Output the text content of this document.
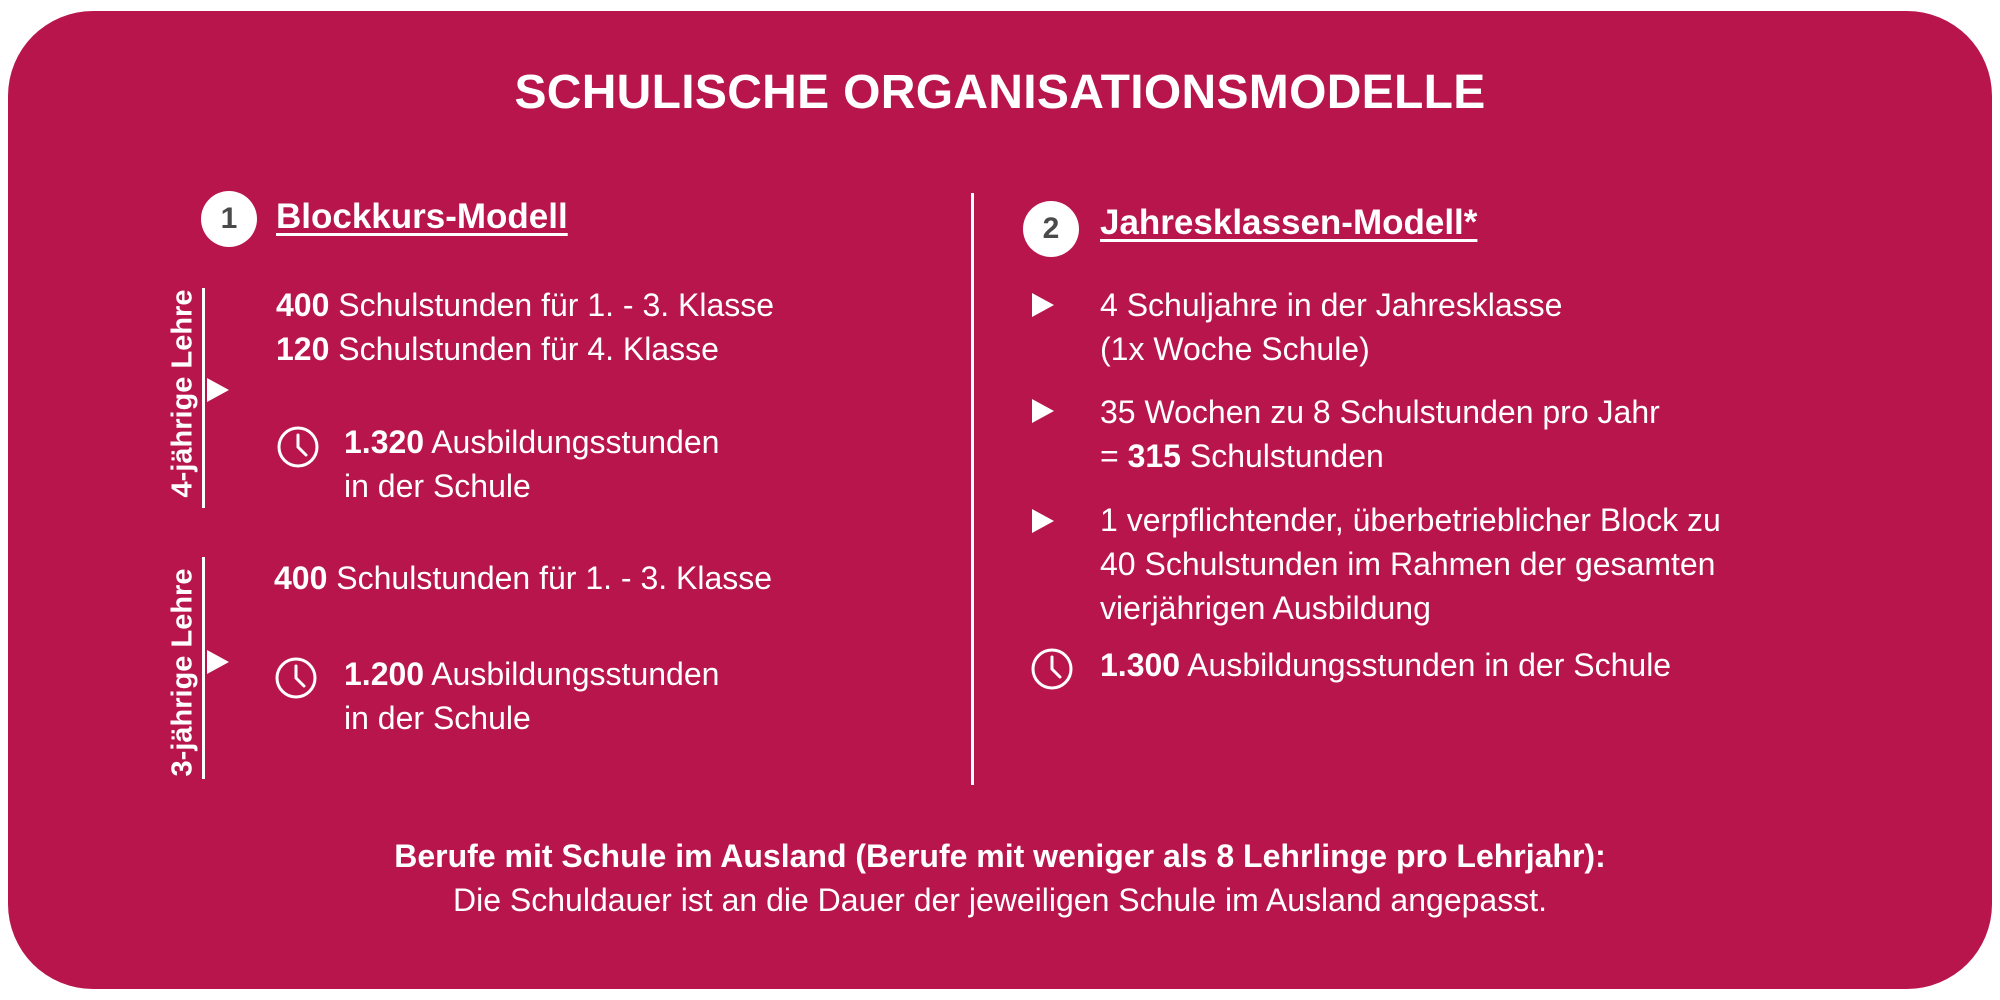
SCHULISCHE ORGANISATIONSMODELLE
1	Blockkurs-Modell
4-jährige Lehre 400 Schulstunden für 1. - 3. Klasse
120 Schulstunden für 4. Klasse
1.320 Ausbildungsstunden
in der Schule
3-jährige Lehre 400 Schulstunden für 1. - 3. Klasse
1.200 Ausbildungsstunden
in der Schule
2	Jahresklassen-Modell*
4 Schuljahre in der Jahresklasse
(1x Woche Schule)
35 Wochen zu 8 Schulstunden pro Jahr
= 315 Schulstunden
1 verpflichtender, überbetrieblicher Block zu
40 Schulstunden im Rahmen der gesamten
vierjährigen Ausbildung
1.300 Ausbildungsstunden in der Schule
Berufe mit Schule im Ausland (Berufe mit weniger als 8 Lehrlinge pro Lehrjahr):
Die Schuldauer ist an die Dauer der jeweiligen Schule im Ausland angepasst.
